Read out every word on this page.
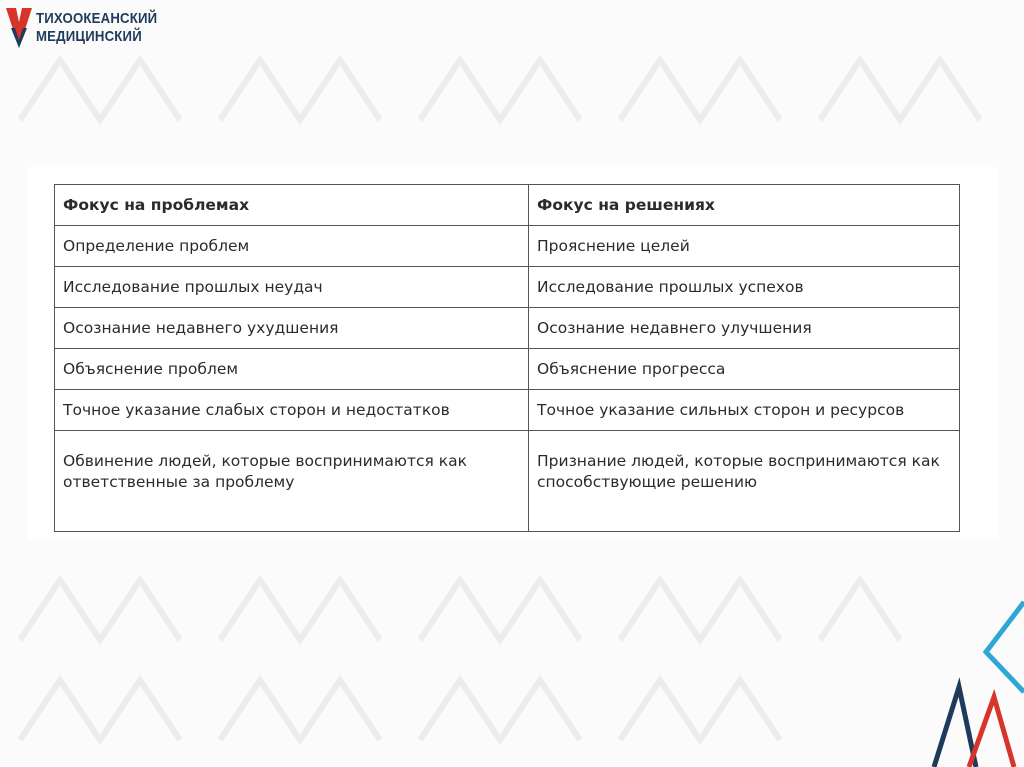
ТИХООКЕАНСКИЙ
МЕДИЦИНСКИЙ
Фокус на проблемах	Фокус на решениях
Определение проблем	Прояснение целей
Исследование прошлых неудач	Исследование прошлых успехов
Осознание недавнего ухудшения	Осознание недавнего улучшения
Объяснение проблем	Объяснение прогресса
Точное указание слабых сторон и недостатков	Точное указание сильных сторон и ресурсов
Обвинение людей, которые воспринимаются как ответственные за проблему	Признание людей, которые воспринимаются как способствующие решению
